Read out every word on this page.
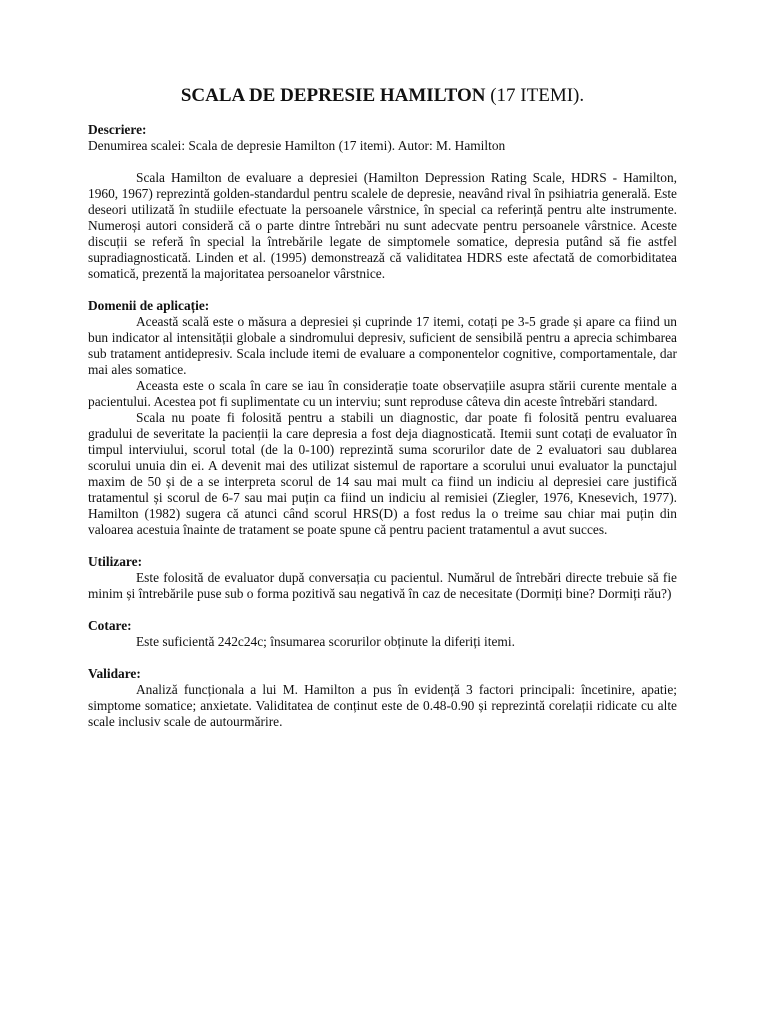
SCALA DE DEPRESIE HAMILTON (17 ITEMI).
Descriere:

Denumirea scalei: Scala de depresie Hamilton (17 itemi). Autor: M. Hamilton

Scala Hamilton de evaluare a depresiei (Hamilton Depression Rating Scale, HDRS - Hamilton, 1960, 1967) reprezintă golden-standardul pentru scalele de depresie, neavând rival în psihiatria generală. Este deseori utilizată în studiile efectuate la persoanele vârstnice, în special ca referință pentru alte instrumente. Numeroși autori consideră că o parte dintre întrebări nu sunt adecvate pentru persoanele vârstnice. Aceste discuții se referă în special la întrebările legate de simptomele somatice, depresia putând să fie astfel supradiagnosticată. Linden et al. (1995) demonstrează că validitatea HDRS este afectată de comorbiditatea somatică, prezentă la majoritatea persoanelor vârstnice.

Domenii de aplicație:

Această scală este o măsura a depresiei și cuprinde 17 itemi, cotați pe 3-5 grade și apare ca fiind un bun indicator al intensității globale a sindromului depresiv, suficient de sensibilă pentru a aprecia schimbarea sub tratament antidepresiv. Scala include itemi de evaluare a componentelor cognitive, comportamentale, dar mai ales somatice.

Aceasta este o scala în care se iau în considerație toate observațiile asupra stării curente mentale a pacientului. Acestea pot fi suplimentate cu un interviu; sunt reproduse câteva din aceste întrebări standard.

Scala nu poate fi folosită pentru a stabili un diagnostic, dar poate fi folosită pentru evaluarea gradului de severitate la pacienții la care depresia a fost deja diagnosticată. Itemii sunt cotați de evaluator în timpul interviului, scorul total (de la 0-100) reprezintă suma scorurilor date de 2 evaluatori sau dublarea scorului unuia din ei. A devenit mai des utilizat sistemul de raportare a scorului unui evaluator la punctajul maxim de 50 și de a se interpreta scorul de 14 sau mai mult ca fiind un indiciu al depresiei care justifică tratamentul și scorul de 6-7 sau mai puțin ca fiind un indiciu al remisiei (Ziegler, 1976, Knesevich, 1977). Hamilton (1982) sugera că atunci când scorul HRS(D) a fost redus la o treime sau chiar mai puțin din valoarea acestuia înainte de tratament se poate spune că pentru pacient tratamentul a avut succes.

Utilizare:

Este folosită de evaluator după conversația cu pacientul. Numărul de întrebări directe trebuie să fie minim și întrebările puse sub o forma pozitivă sau negativă în caz de necesitate (Dormiți bine? Dormiți rău?)

Cotare:

Este suficientă 242c24c; însumarea scorurilor obținute la diferiți itemi.

Validare:

Analiză funcționala a lui M. Hamilton a pus în evidență 3 factori principali: încetinire, apatie; simptome somatice; anxietate. Validitatea de conținut este de 0.48-0.90 și reprezintă corelații ridicate cu alte scale inclusiv scale de autourmărire.
